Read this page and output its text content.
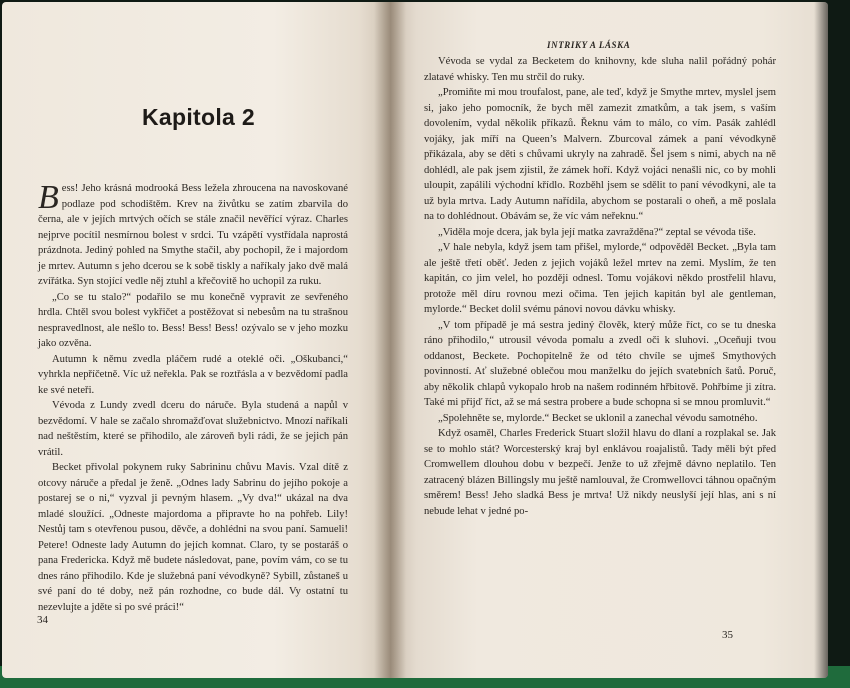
Kapitola 2

Bess! Jeho krásná modrooká Bess ležela zhroucena na navoskované podlaze pod schodištěm. Krev na živůtku se zatím zbarvila do černa, ale v jejích mrtvých očích se stále značil nevěřící výraz. Charles nejprve pocítil nesmírnou bolest v srdci. Tu vzápětí vystřídala naprostá prázdnota. Jediný pohled na Smythe stačil, aby pochopil, že i majordom je mrtev. Autumn s jeho dcerou se k sobě tiskly a naříkaly jako dvě malá zvířátka. Syn stojící vedle něj ztuhl a křečovitě ho uchopil za ruku.

„Co se tu stalo?“ podařilo se mu konečně vypravit ze sevřeného hrdla. Chtěl svou bolest vykřičet a postěžovat si nebesům na tu strašnou nespravedlnost, ale nešlo to. Bess! Bess! Bess! ozývalo se v jeho mozku jako ozvěna.

Autumn k němu zvedla pláčem rudé a oteklé oči. „Oškubanci,“ vyhrkla nepříčetně. Víc už neřekla. Pak se roztřásla a v bezvědomí padla ke své neteři.

Vévoda z Lundy zvedl dceru do náruče. Byla studená a napůl v bezvědomí. V hale se začalo shromažďovat služebnictvo. Mnozí naříkali nad neštěstím, které se přihodilo, ale zároveň byli rádi, že se jejich pán vrátil.

Becket přivolal pokynem ruky Sabrininu chůvu Mavis. Vzal dítě z otcovy náruče a předal je ženě. „Odnes lady Sabrinu do jejího pokoje a postarej se o ni,“ vyzval ji pevným hlasem. „Vy dva!“ ukázal na dva mladé sloužící. „Odneste majordoma a připravte ho na pohřeb. Lily! Nestůj tam s otevřenou pusou, děvče, a dohlédni na svou paní. Samueli! Petere! Odneste lady Autumn do jejích komnat. Claro, ty se postaráš o pana Fredericka. Když mě budete následovat, pane, povím vám, co se tu dnes ráno přihodilo. Kde je služebná paní vévodkyně? Sybill, zůstaneš u své paní do té doby, než pán rozhodne, co bude dál. Vy ostatní tu nezevlujte a jděte si po své práci!“

34
INTRIKY A LÁSKA

Vévoda se vydal za Becketem do knihovny, kde sluha nalil pořádný pohár zlatavé whisky. Ten mu strčil do ruky.

„Promiňte mi mou troufalost, pane, ale teď, když je Smythe mrtev, myslel jsem si, jako jeho pomocník, že bych měl zamezit zmatkům, a tak jsem, s vaším dovolením, vydal několik příkazů. Řeknu vám to málo, co vím. Pasák zahlédl vojáky, jak míří na Queen’s Malvern. Zburcoval zámek a paní vévodkyně přikázala, aby se děti s chůvami ukryly na zahradě. Šel jsem s nimi, abych na ně dohlédl, ale pak jsem zjistil, že zámek hoří. Když vojáci nenašli nic, co by mohli uloupit, zapálili východní křídlo. Rozběhl jsem se sdělit to paní vévodkyni, ale ta už byla mrtva. Lady Autumn nařídila, abychom se postarali o oheň, a mě poslala na to dohlédnout. Obávám se, že víc vám neřeknu.“

„Viděla moje dcera, jak byla její matka zavražděna?“ zeptal se vévoda tiše.

„V hale nebyla, když jsem tam přišel, mylorde,“ odpověděl Becket. „Byla tam ale ještě třetí oběť. Jeden z jejich vojáků ležel mrtev na zemi. Myslím, že ten kapitán, co jim velel, ho později odnesl. Tomu vojákovi někdo prostřelil hlavu, protože měl díru rovnou mezi očima. Ten jejich kapitán byl ale gentleman, mylorde.“ Becket dolil svému pánovi novou dávku whisky.

„V tom případě je má sestra jediný člověk, který může říct, co se tu dneska ráno přihodilo,“ utrousil vévoda pomalu a zvedl oči k sluhovi. „Oceňuji tvou oddanost, Beckete. Pochopitelně že od této chvíle se ujmeš Smythových povinností. Ať služebné oblečou mou manželku do jejích svatebních šatů. Poruč, aby několik chlapů vykopalo hrob na našem rodinném hřbitově. Pohřbíme ji zítra. Také mi přijď říct, až se má sestra probere a bude schopna si se mnou promluvit.“

„Spolehněte se, mylorde.“ Becket se uklonil a zanechal vévodu samotného.

Když osaměl, Charles Frederick Stuart složil hlavu do dlaní a rozplakal se. Jak se to mohlo stát? Worcesterský kraj byl enklávou roajalistů. Tady měli být před Cromwellem dlouhou dobu v bezpečí. Jenže to už zřejmě dávno neplatilo. Ten zatracený blázen Billingsly mu ještě namlouval, že Cromwellovci táhnou opačným směrem! Bess! Jeho sladká Bess je mrtva! Už nikdy neuslyší její hlas, ani s ní nebude lehat v jedné po-

35
